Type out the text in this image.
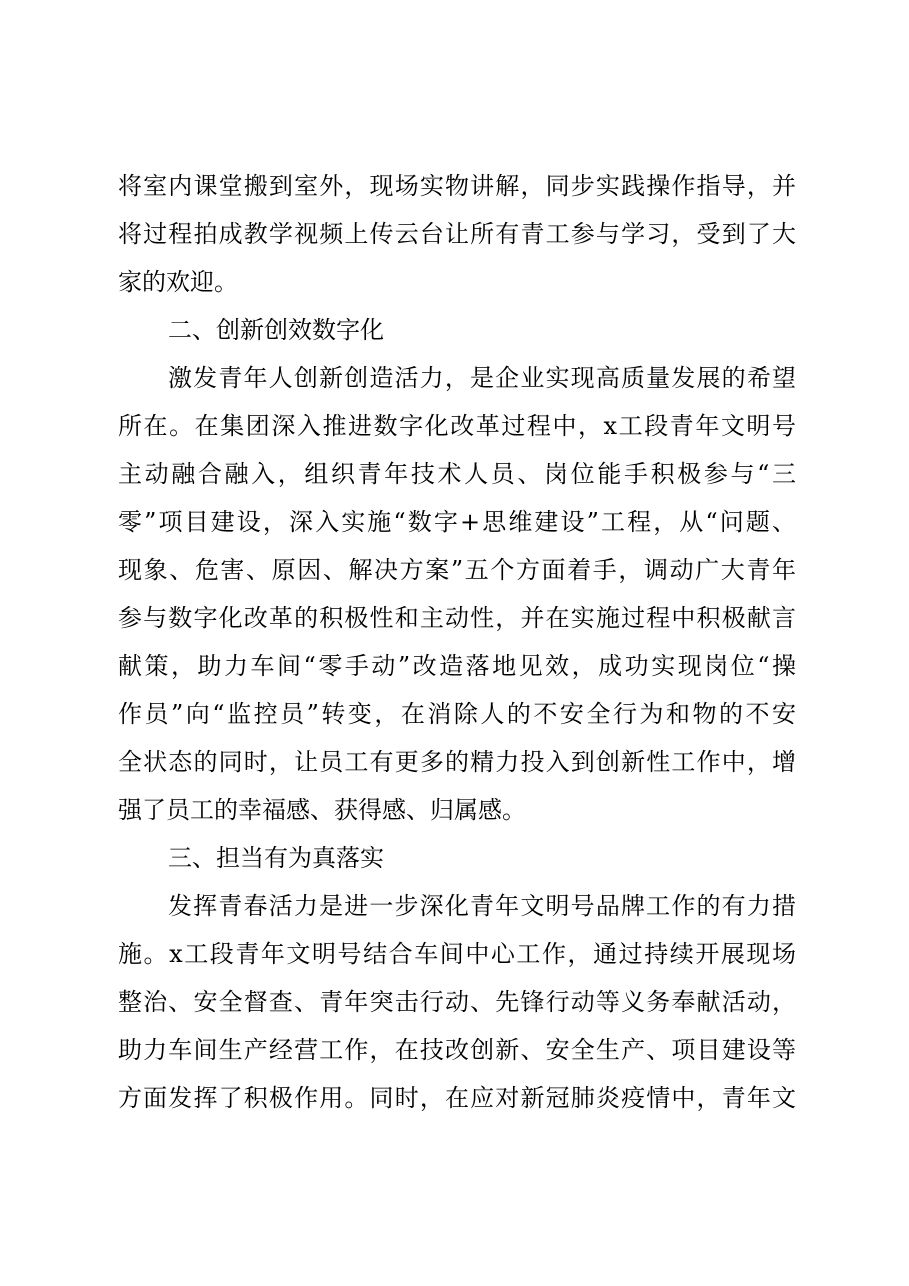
将室内课堂搬到室外，现场实物讲解，同步实践操作指导，并
将过程拍成教学视频上传云台让所有青工参与学习，受到了大
家的欢迎。
二、创新创效数字化
激发青年人创新创造活力，是企业实现高质量发展的希望
所在。在集团深入推进数字化改革过程中，x工段青年文明号
主动融合融入，组织青年技术人员、岗位能手积极参与“三
零”项目建设，深入实施“数字+思维建设”工程，从“问题、
现象、危害、原因、解决方案”五个方面着手，调动广大青年
参与数字化改革的积极性和主动性，并在实施过程中积极献言
献策，助力车间“零手动”改造落地见效，成功实现岗位“操
作员”向“监控员”转变，在消除人的不安全行为和物的不安
全状态的同时，让员工有更多的精力投入到创新性工作中，增
强了员工的幸福感、获得感、归属感。
三、担当有为真落实
发挥青春活力是进一步深化青年文明号品牌工作的有力措
施。x工段青年文明号结合车间中心工作，通过持续开展现场
整治、安全督查、青年突击行动、先锋行动等义务奉献活动，
助力车间生产经营工作，在技改创新、安全生产、项目建设等
方面发挥了积极作用。同时，在应对新冠肺炎疫情中，青年文
